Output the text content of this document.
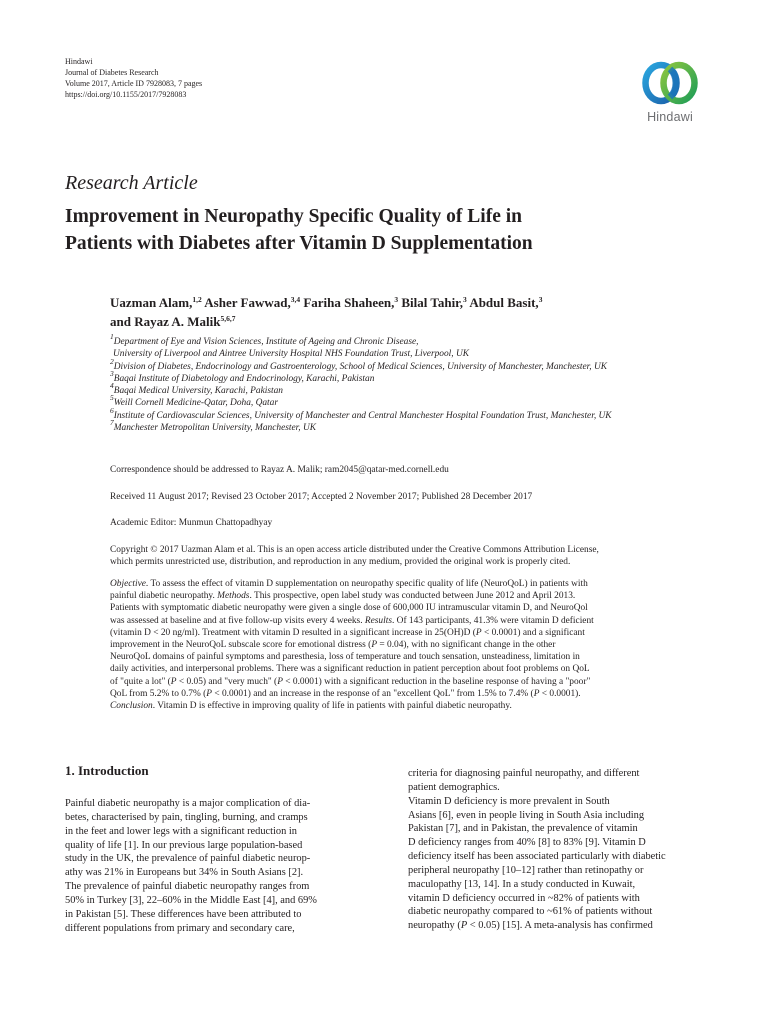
Hindawi
Journal of Diabetes Research
Volume 2017, Article ID 7928083, 7 pages
https://doi.org/10.1155/2017/7928083
Hindawi
Research Article
Improvement in Neuropathy Specific Quality of Life in
Patients with Diabetes after Vitamin D Supplementation
Uazman Alam,$^{1,2}$ Asher Fawwad,$^{3,4}$ Fariha Shaheen,$^3$ Bilal Tahir,$^3$ Abdul Basit,$^3$
and Rayaz A. Malik$^{5,6,7}$
$^1$Department of Eye and Vision Sciences, Institute of Ageing and Chronic Disease,
University of Liverpool and Aintree University Hospital NHS Foundation Trust, Liverpool, UK
$^2$Division of Diabetes, Endocrinology and Gastroenterology, School of Medical Sciences, University of Manchester, Manchester, UK
$^3$Baqai Institute of Diabetology and Endocrinology, Karachi, Pakistan
$^4$Baqai Medical University, Karachi, Pakistan
$^5$Weill Cornell Medicine-Qatar, Doha, Qatar
$^6$Institute of Cardiovascular Sciences, University of Manchester and Central Manchester Hospital Foundation Trust, Manchester, UK
$^7$Manchester Metropolitan University, Manchester, UK
Correspondence should be addressed to Rayaz A. Malik; ram2045@qatar-med.cornell.edu
Received 11 August 2017; Revised 23 October 2017; Accepted 2 November 2017; Published 28 December 2017
Academic Editor: Munmun Chattopadhyay
Copyright © 2017 Uazman Alam et al. This is an open access article distributed under the Creative Commons Attribution License,
which permits unrestricted use, distribution, and reproduction in any medium, provided the original work is properly cited.
Objective. To assess the effect of vitamin D supplementation on neuropathy specific quality of life (NeuroQoL) in patients with
painful diabetic neuropathy. Methods. This prospective, open label study was conducted between June 2012 and April 2013.
Patients with symptomatic diabetic neuropathy were given a single dose of 600,000 IU intramuscular vitamin D, and NeuroQol
was assessed at baseline and at five follow-up visits every 4 weeks. Results. Of 143 participants, 41.3% were vitamin D deficient
(vitamin D < 20 ng/ml). Treatment with vitamin D resulted in a significant increase in 25(OH)D (P < 0.0001) and a significant
improvement in the NeuroQoL subscale score for emotional distress (P = 0.04), with no significant change in the other
NeuroQoL domains of painful symptoms and paresthesia, loss of temperature and touch sensation, unsteadiness, limitation in
daily activities, and interpersonal problems. There was a significant reduction in patient perception about foot problems on QoL
of "quite a lot" (P < 0.05) and "very much" (P < 0.0001) with a significant reduction in the baseline response of having a "poor"
QoL from 5.2% to 0.7% (P < 0.0001) and an increase in the response of an "excellent QoL" from 1.5% to 7.4% (P < 0.0001).
Conclusion. Vitamin D is effective in improving quality of life in patients with painful diabetic neuropathy.
1. Introduction
Painful diabetic neuropathy is a major complication of dia-
betes, characterised by pain, tingling, burning, and cramps
in the feet and lower legs with a significant reduction in
quality of life [1]. In our previous large population-based
study in the UK, the prevalence of painful diabetic neurop-
athy was 21% in Europeans but 34% in South Asians [2].
The prevalence of painful diabetic neuropathy ranges from
50% in Turkey [3], 22–60% in the Middle East [4], and 69%
in Pakistan [5]. These differences have been attributed to
different populations from primary and secondary care,
criteria for diagnosing painful neuropathy, and different
patient demographics.
Vitamin D deficiency is more prevalent in South
Asians [6], even in people living in South Asia including
Pakistan [7], and in Pakistan, the prevalence of vitamin
D deficiency ranges from 40% [8] to 83% [9]. Vitamin D
deficiency itself has been associated particularly with diabetic
peripheral neuropathy [10–12] rather than retinopathy or
maculopathy [13, 14]. In a study conducted in Kuwait,
vitamin D deficiency occurred in ~82% of patients with
diabetic neuropathy compared to ~61% of patients without
neuropathy (P < 0.05) [15]. A meta-analysis has confirmed
